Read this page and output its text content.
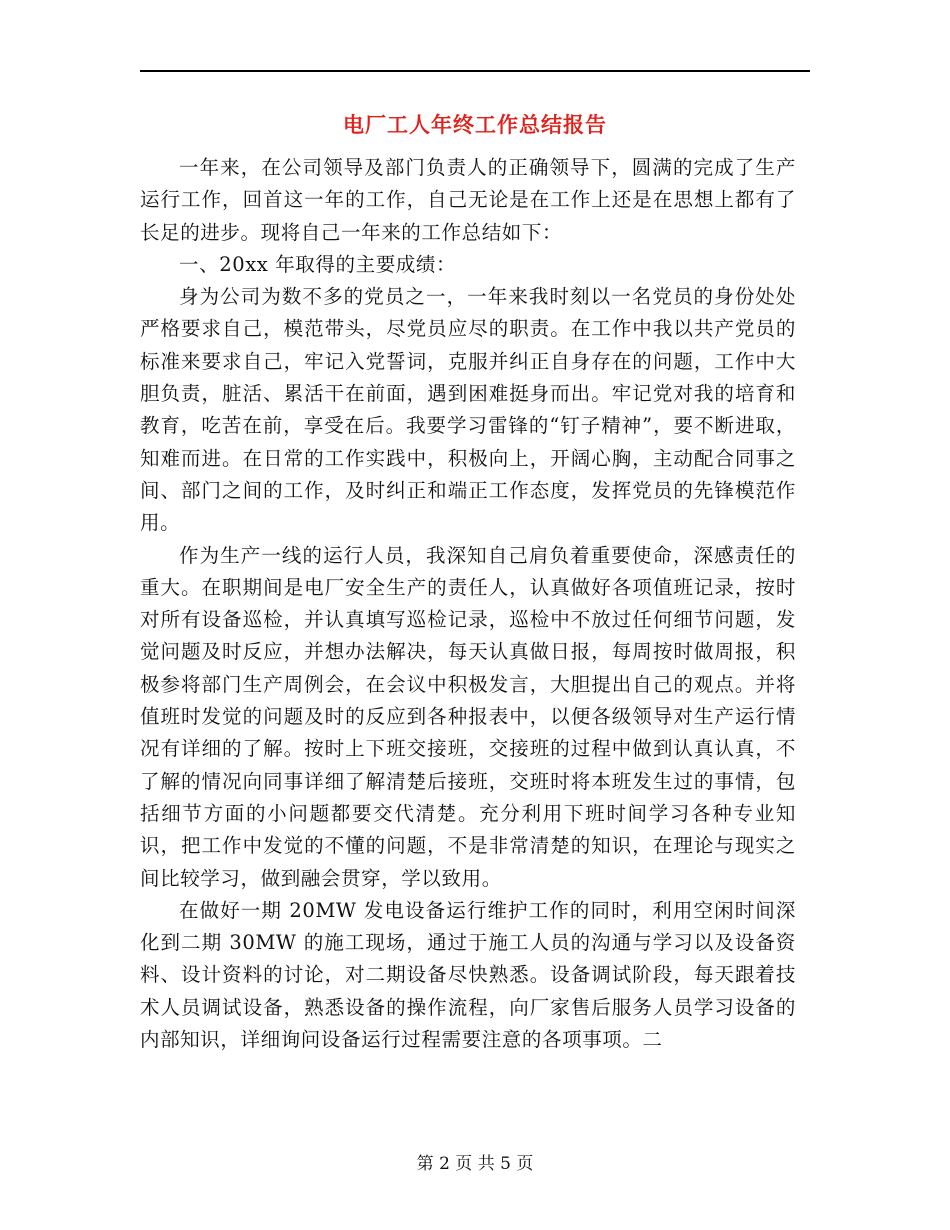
电厂工人年终工作总结报告

一年来，在公司领导及部门负责人的正确领导下，圆满的完成了生产运行工作，回首这一年的工作，自己无论是在工作上还是在思想上都有了长足的进步。现将自己一年来的工作总结如下：

一、20xx 年取得的主要成绩：

身为公司为数不多的党员之一，一年来我时刻以一名党员的身份处处严格要求自己，模范带头，尽党员应尽的职责。在工作中我以共产党员的标准来要求自己，牢记入党誓词，克服并纠正自身存在的问题，工作中大胆负责，脏活、累活干在前面，遇到困难挺身而出。牢记党对我的培育和教育，吃苦在前，享受在后。我要学习雷锋的“钉子精神”，要不断进取，知难而进。在日常的工作实践中，积极向上，开阔心胸，主动配合同事之间、部门之间的工作，及时纠正和端正工作态度，发挥党员的先锋模范作用。

作为生产一线的运行人员，我深知自己肩负着重要使命，深感责任的重大。在职期间是电厂安全生产的责任人，认真做好各项值班记录，按时对所有设备巡检，并认真填写巡检记录，巡检中不放过任何细节问题，发觉问题及时反应，并想办法解决，每天认真做日报，每周按时做周报，积极参将部门生产周例会，在会议中积极发言，大胆提出自己的观点。并将值班时发觉的问题及时的反应到各种报表中，以便各级领导对生产运行情况有详细的了解。按时上下班交接班，交接班的过程中做到认真认真，不了解的情况向同事详细了解清楚后接班，交班时将本班发生过的事情，包括细节方面的小问题都要交代清楚。充分利用下班时间学习各种专业知识，把工作中发觉的不懂的问题，不是非常清楚的知识，在理论与现实之间比较学习，做到融会贯穿，学以致用。

在做好一期 20MW 发电设备运行维护工作的同时，利用空闲时间深化到二期 30MW 的施工现场，通过于施工人员的沟通与学习以及设备资料、设计资料的讨论，对二期设备尽快熟悉。设备调试阶段，每天跟着技术人员调试设备，熟悉设备的操作流程，向厂家售后服务人员学习设备的内部知识，详细询问设备运行过程需要注意的各项事项。二

第 2 页 共 5 页
